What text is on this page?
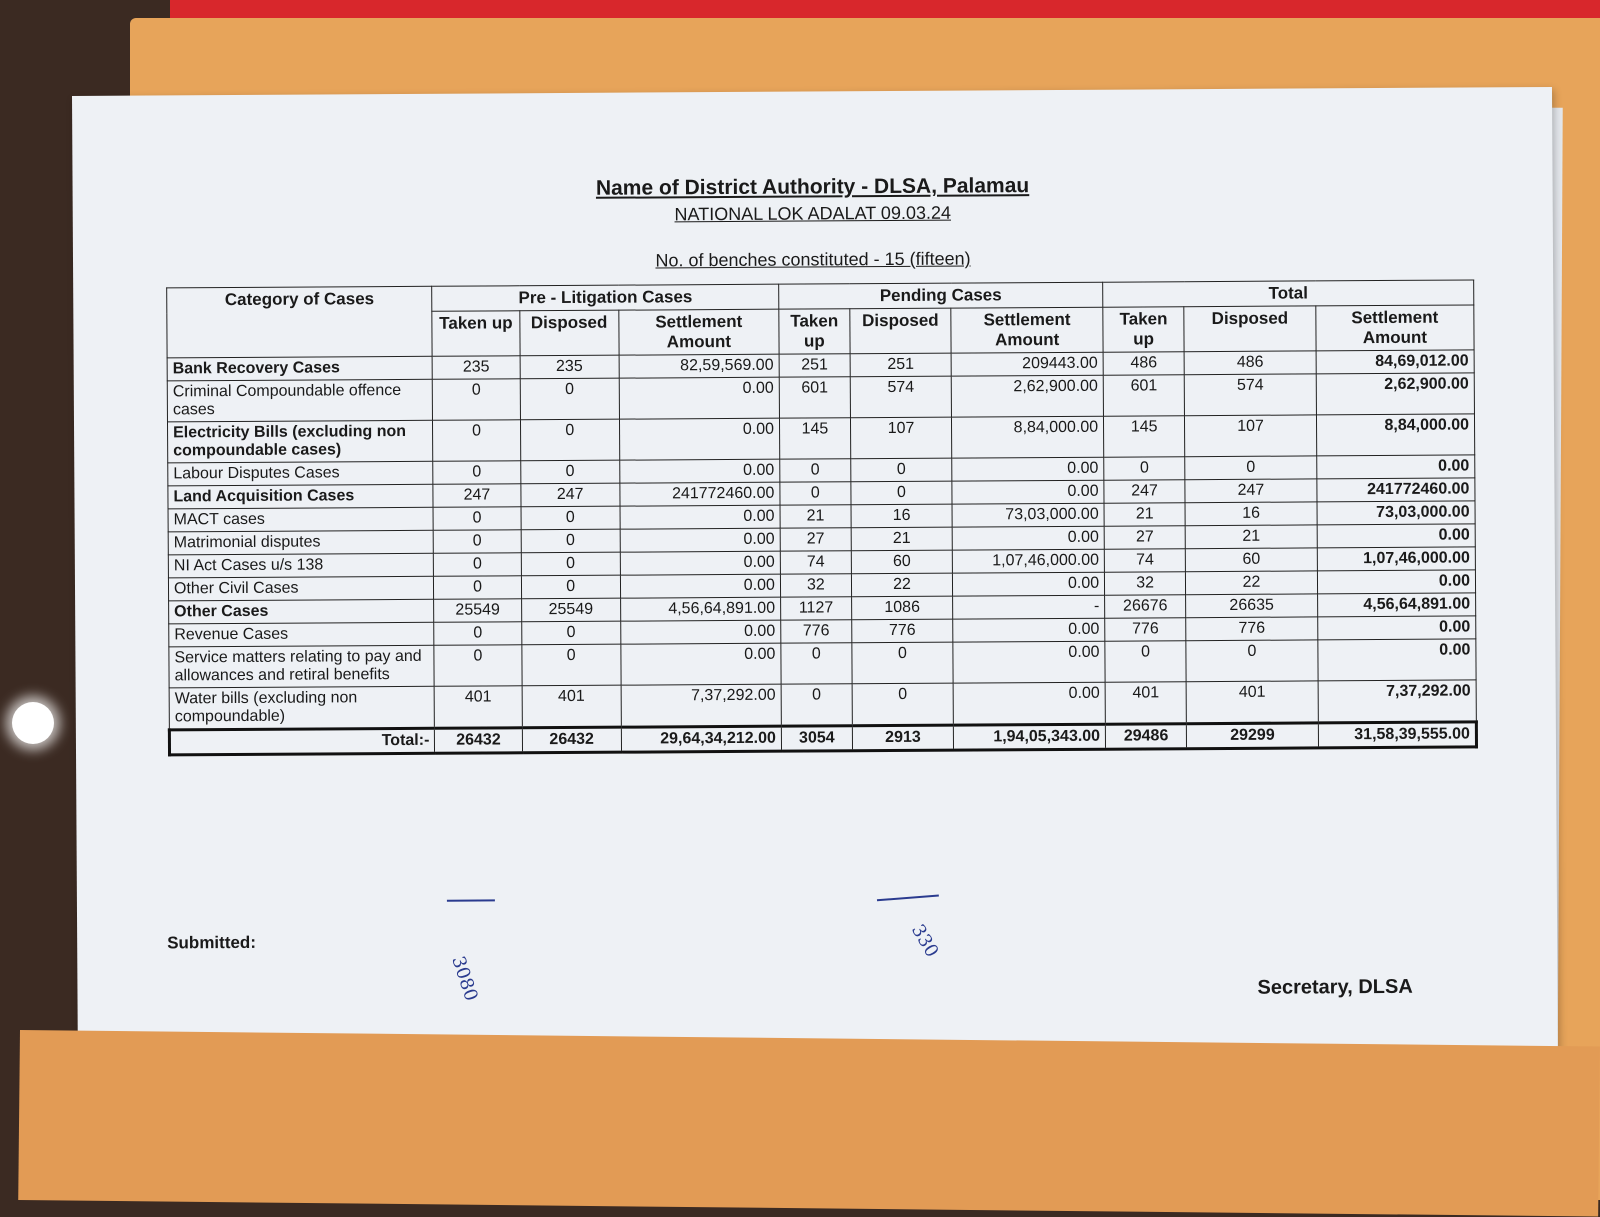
Name of District Authority - DLSA, Palamau
NATIONAL LOK ADALAT 09.03.24
No. of benches constituted - 15 (fifteen)
Category of Cases	Pre - Litigation Cases			Pending Cases			Total		
	Taken up	Disposed	Settlement Amount	Taken up	Disposed	Settlement Amount	Taken up	Disposed	Settlement Amount
Bank Recovery Cases	235	235	82,59,569.00	251	251	209443.00	486	486	84,69,012.00
Criminal Compoundable offence cases	0	0	0.00	601	574	2,62,900.00	601	574	2,62,900.00
Electricity Bills (excluding non compoundable cases)	0	0	0.00	145	107	8,84,000.00	145	107	8,84,000.00
Labour Disputes Cases	0	0	0.00	0	0	0.00	0	0	0.00
Land Acquisition Cases	247	247	241772460.00	0	0	0.00	247	247	241772460.00
MACT cases	0	0	0.00	21	16	73,03,000.00	21	16	73,03,000.00
Matrimonial disputes	0	0	0.00	27	21	0.00	27	21	0.00
NI Act Cases u/s 138	0	0	0.00	74	60	1,07,46,000.00	74	60	1,07,46,000.00
Other Civil Cases	0	0	0.00	32	22	0.00	32	22	0.00
Other Cases	25549	25549	4,56,64,891.00	1127	1086	-	26676	26635	4,56,64,891.00
Revenue Cases	0	0	0.00	776	776	0.00	776	776	0.00
Service matters relating to pay and allowances and retiral benefits	0	0	0.00	0	0	0.00	0	0	0.00
Water bills (excluding non compoundable)	401	401	7,37,292.00	0	0	0.00	401	401	7,37,292.00
Total:-	26432	26432	29,64,34,212.00	3054	2913	1,94,05,343.00	29486	29299	31,58,39,555.00
Submitted:
Secretary, DLSA
3080
330
